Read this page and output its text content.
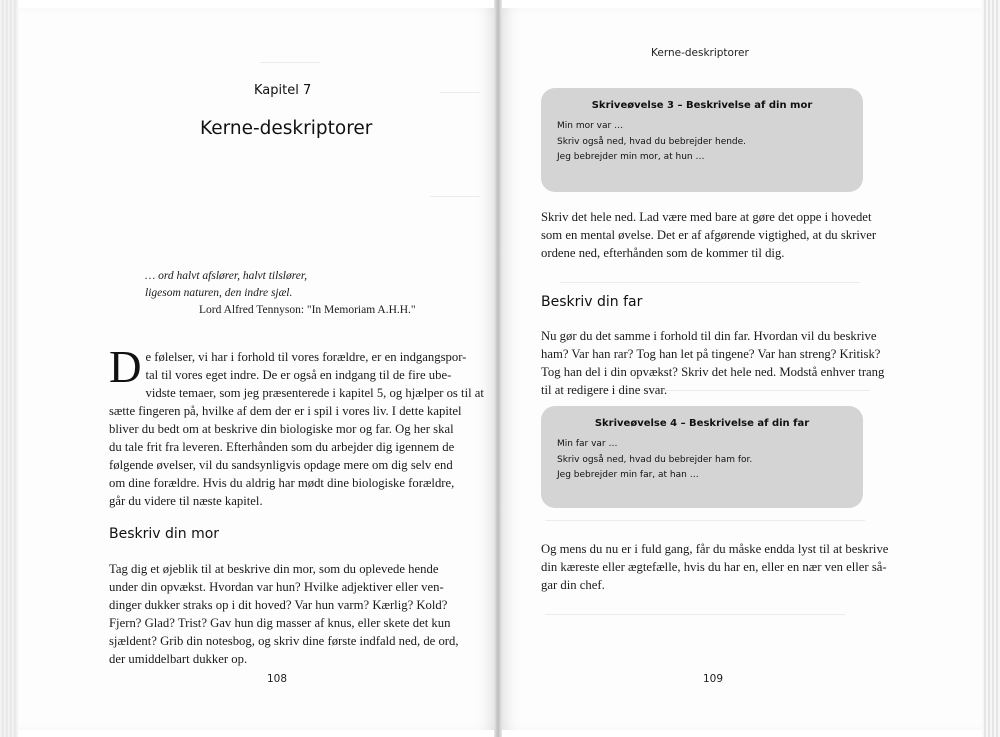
Kapitel 7
Kerne-deskriptorer
… ord halvt afslører, halvt tilslører,
ligesom naturen, den indre sjæl.
Lord Alfred Tennyson: "In Memoriam A.H.H."
D e følelser, vi har i forhold til vores forældre, er en indgangspor-
tal til vores eget indre. De er også en indgang til de fire ube-
vidste temaer, som jeg præsenterede i kapitel 5, og hjælper os til at
sætte fingeren på, hvilke af dem der er i spil i vores liv. I dette kapitel
bliver du bedt om at beskrive din biologiske mor og far. Og her skal
du tale frit fra leveren. Efterhånden som du arbejder dig igennem de
følgende øvelser, vil du sandsynligvis opdage mere om dig selv end
om dine forældre. Hvis du aldrig har mødt dine biologiske forældre,
går du videre til næste kapitel.
Beskriv din mor
Tag dig et øjeblik til at beskrive din mor, som du oplevede hende
under din opvækst. Hvordan var hun? Hvilke adjektiver eller ven-
dinger dukker straks op i dit hoved? Var hun varm? Kærlig? Kold?
Fjern? Glad? Trist? Gav hun dig masser af knus, eller skete det kun
sjældent? Grib din notesbog, og skriv dine første indfald ned, de ord,
der umiddelbart dukker op.
108
Kerne-deskriptorer
Skriveøvelse 3 – Beskrivelse af din mor
Min mor var …
Skriv også ned, hvad du bebrejder hende.
Jeg bebrejder min mor, at hun …
Skriv det hele ned. Lad være med bare at gøre det oppe i hovedet
som en mental øvelse. Det er af afgørende vigtighed, at du skriver
ordene ned, efterhånden som de kommer til dig.
Beskriv din far
Nu gør du det samme i forhold til din far. Hvordan vil du beskrive
ham? Var han rar? Tog han let på tingene? Var han streng? Kritisk?
Tog han del i din opvækst? Skriv det hele ned. Modstå enhver trang
til at redigere i dine svar.
Skriveøvelse 4 – Beskrivelse af din far
Min far var …
Skriv også ned, hvad du bebrejder ham for.
Jeg bebrejder min far, at han …
Og mens du nu er i fuld gang, får du måske endda lyst til at beskrive
din kæreste eller ægtefælle, hvis du har en, eller en nær ven eller så-
gar din chef.
109
